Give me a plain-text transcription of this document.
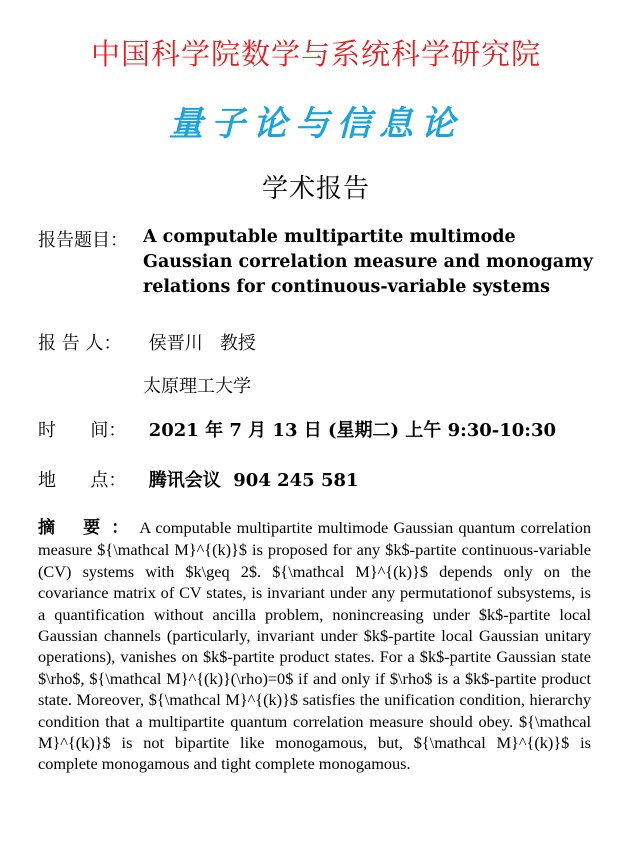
中国科学院数学与系统科学研究院
量子论与信息论
学术报告
报告题目： A computable multipartite multimode Gaussian correlation measure and monogamy relations for continuous-variable systems
报 告 人： 侯晋川   教授
太原理工大学
时      间： 2021 年 7 月 13 日 (星期二) 上午 9:30-10:30
地      点： 腾讯会议  904 245 581
摘 要：A computable multipartite multimode Gaussian quantum correlation measure ${\mathcal M}^{(k)}$ is proposed for any $k$-partite continuous-variable (CV) systems with $k\geq 2$. ${\mathcal M}^{(k)}$ depends only on the covariance matrix of CV states, is invariant under any permutationof subsystems, is a quantification without ancilla problem, nonincreasing under $k$-partite local Gaussian channels (particularly, invariant under $k$-partite local Gaussian unitary operations), vanishes on $k$-partite product states. For a $k$-partite Gaussian state $\rho$, ${\mathcal M}^{(k)}(\rho)=0$ if and only if $\rho$ is a $k$-partite product state. Moreover, ${\mathcal M}^{(k)}$ satisfies the unification condition, hierarchy condition that a multipartite quantum correlation measure should obey. ${\mathcal M}^{(k)}$ is not bipartite like monogamous, but, ${\mathcal M}^{(k)}$ is complete monogamous and tight complete monogamous.
